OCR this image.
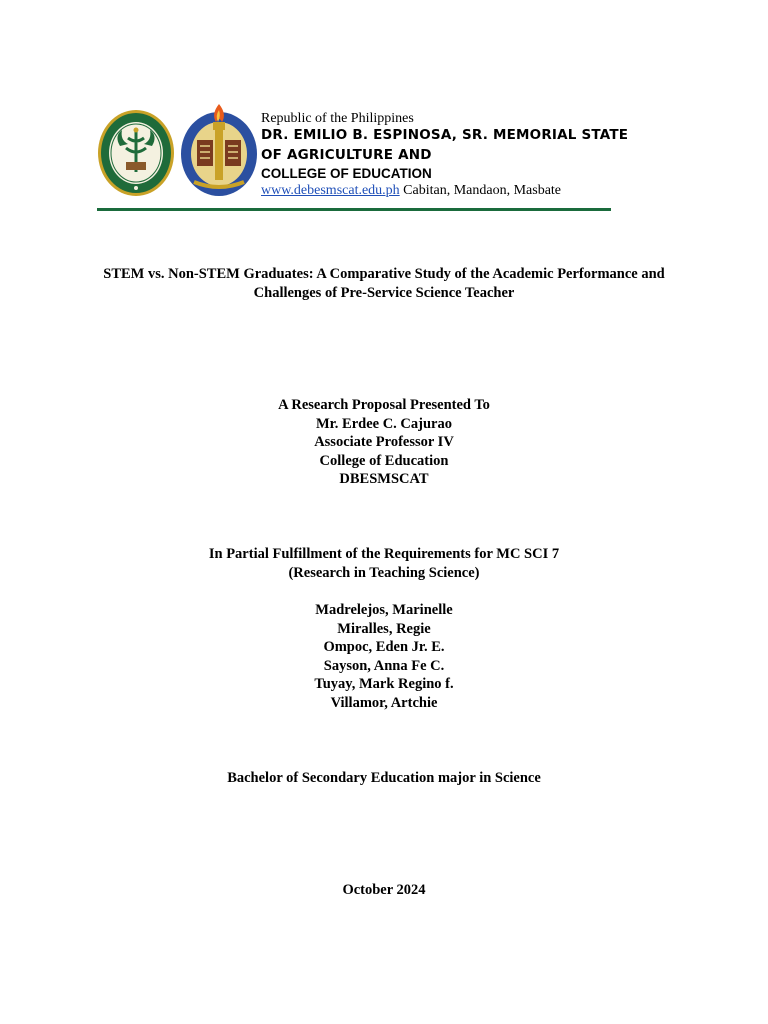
Republic of the Philippines
DR. EMILIO B. ESPINOSA, SR. MEMORIAL STATE
OF AGRICULTURE AND
COLLEGE OF EDUCATION
www.debesmscat.edu.ph Cabitan, Mandaon, Masbate
STEM vs. Non-STEM Graduates: A Comparative Study of the Academic Performance and
Challenges of Pre-Service Science Teacher
A Research Proposal Presented To
Mr. Erdee C. Cajurao
Associate Professor IV
College of Education
DBESMSCAT
In Partial Fulfillment of the Requirements for MC SCI 7
(Research in Teaching Science)
Madrelejos, Marinelle
Miralles, Regie
Ompoc, Eden Jr. E.
Sayson, Anna Fe C.
Tuyay, Mark Regino f.
Villamor, Artchie
Bachelor of Secondary Education major in Science
October 2024
